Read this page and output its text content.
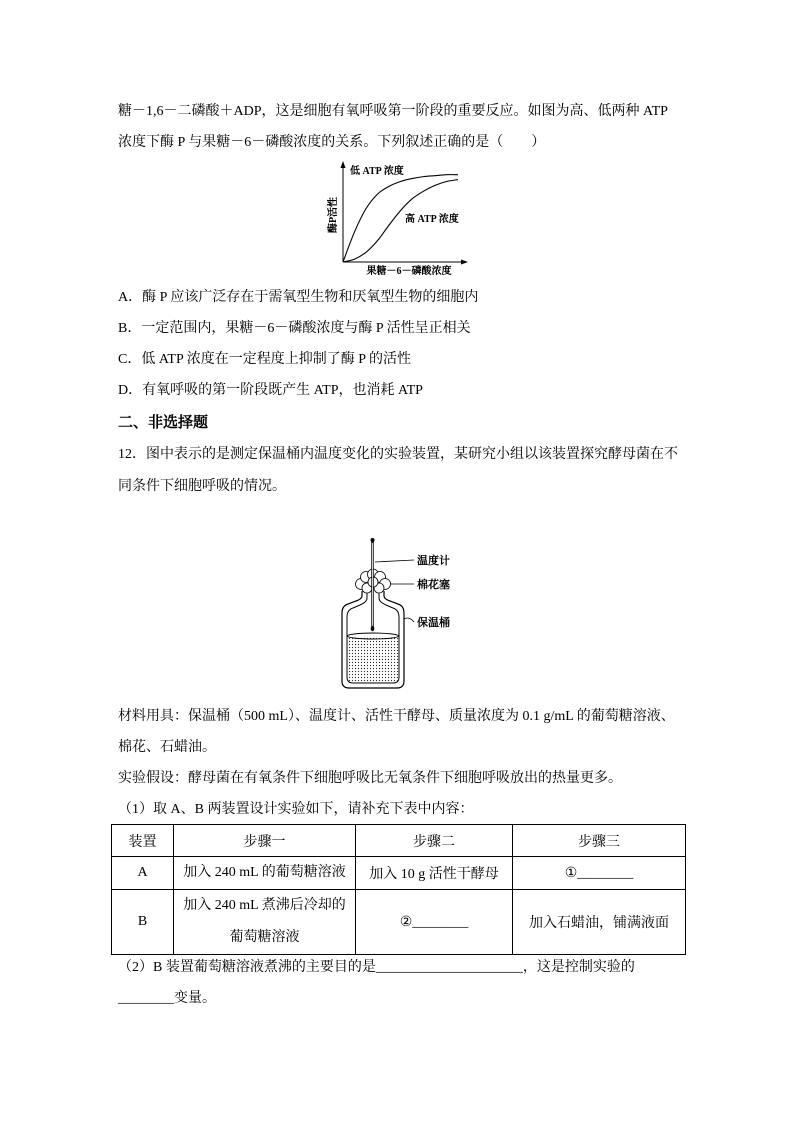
糖－1,6－二磷酸＋ADP，这是细胞有氧呼吸第一阶段的重要反应。如图为高、低两种 ATP
浓度下酶 P 与果糖－6－磷酸浓度的关系。下列叙述正确的是（　　）
低 ATP 浓度
高 ATP 浓度
酶P活性
果糖－6－磷酸浓度
A．酶 P 应该广泛存在于需氧型生物和厌氧型生物的细胞内
B．一定范围内，果糖－6－磷酸浓度与酶 P 活性呈正相关
C．低 ATP 浓度在一定程度上抑制了酶 P 的活性
D．有氧呼吸的第一阶段既产生 ATP，也消耗 ATP
二、非选择题
12．图中表示的是测定保温桶内温度变化的实验装置，某研究小组以该装置探究酵母菌在不
同条件下细胞呼吸的情况。
温度计
棉花塞
保温桶
材料用具：保温桶（500 mL）、温度计、活性干酵母、质量浓度为 0.1 g/mL 的葡萄糖溶液、
棉花、石蜡油。
实验假设：酵母菌在有氧条件下细胞呼吸比无氧条件下细胞呼吸放出的热量更多。
（1）取 A、B 两装置设计实验如下，请补充下表中内容：
装置	步骤一	步骤二	步骤三
A	加入 240 mL 的葡萄糖溶液	加入 10 g 活性干酵母	①________
B	加入 240 mL 煮沸后冷却的
葡萄糖溶液	②________	加入石蜡油，铺满液面
（2）B 装置葡萄糖溶液煮沸的主要目的是_____________________，这是控制实验的
________变量。
